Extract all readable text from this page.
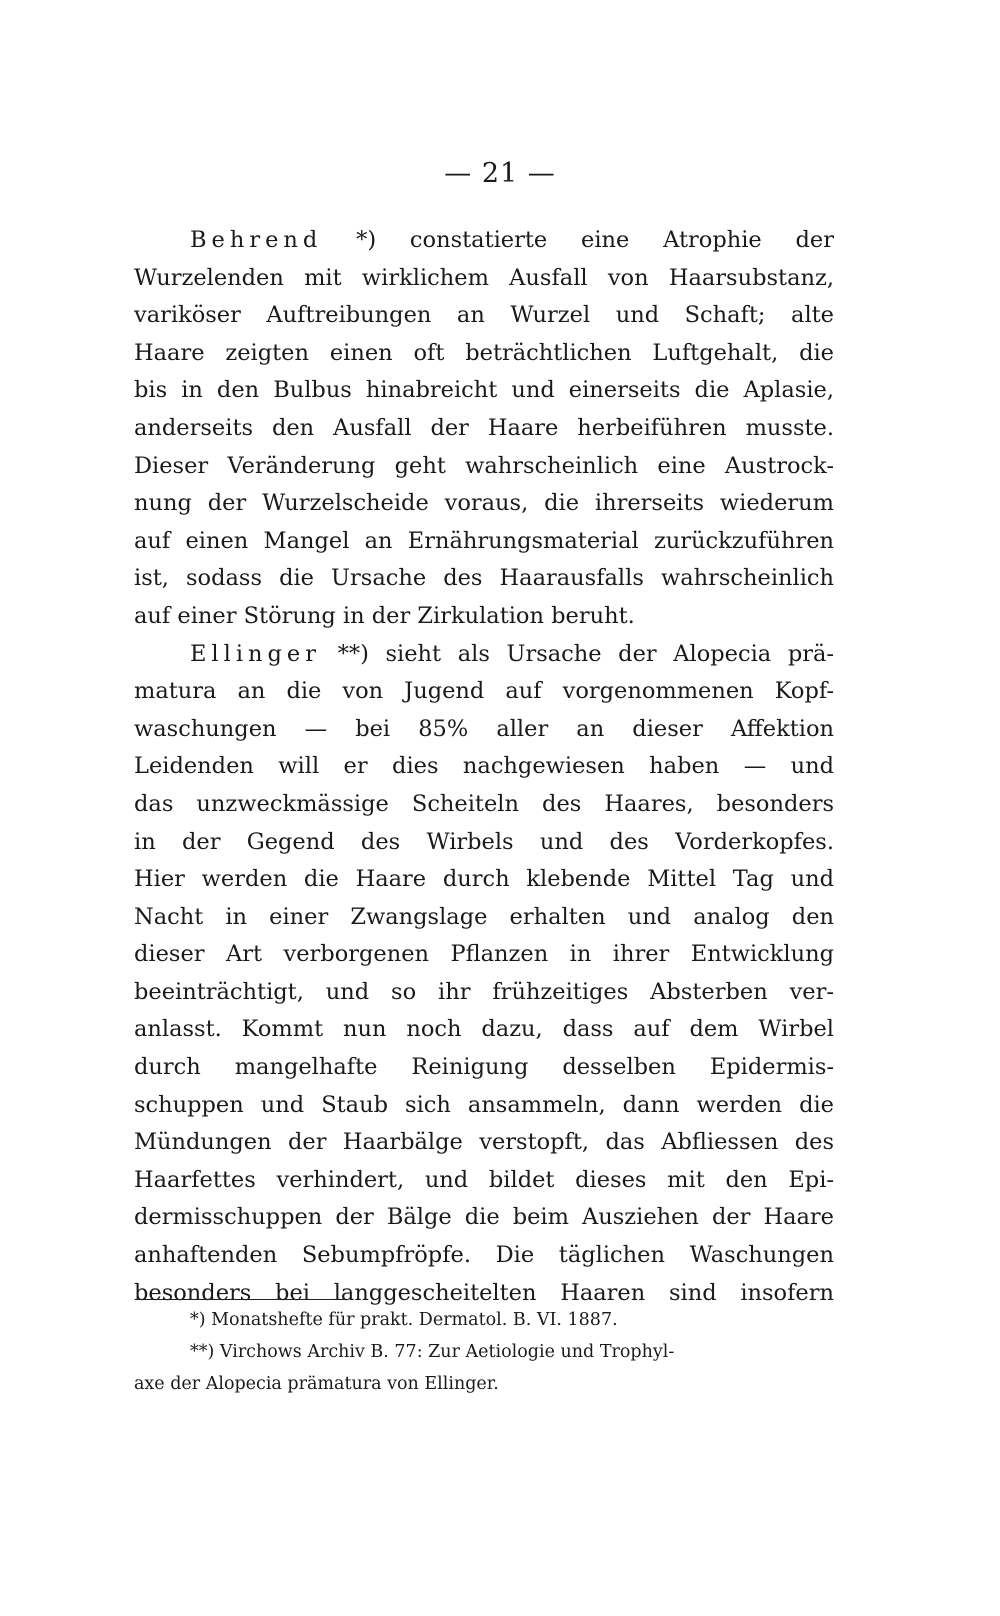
— 21 —
Behrend *) constatierte eine Atrophie der
Wurzelenden mit wirklichem Ausfall von Haarsubstanz,
variköser Auftreibungen an Wurzel und Schaft; alte
Haare zeigten einen oft beträchtlichen Luftgehalt, die
bis in den Bulbus hinabreicht und einerseits die Aplasie,
anderseits den Ausfall der Haare herbeiführen musste.
Dieser Veränderung geht wahrscheinlich eine Austrock-
nung der Wurzelscheide voraus, die ihrerseits wiederum
auf einen Mangel an Ernährungsmaterial zurückzuführen
ist, sodass die Ursache des Haarausfalls wahrscheinlich
auf einer Störung in der Zirkulation beruht.
Ellinger **) sieht als Ursache der Alopecia prä-
matura an die von Jugend auf vorgenommenen Kopf-
waschungen — bei 85% aller an dieser Affektion
Leidenden will er dies nachgewiesen haben — und
das unzweckmässige Scheiteln des Haares, besonders
in der Gegend des Wirbels und des Vorderkopfes.
Hier werden die Haare durch klebende Mittel Tag und
Nacht in einer Zwangslage erhalten und analog den
dieser Art verborgenen Pflanzen in ihrer Entwicklung
beeinträchtigt, und so ihr frühzeitiges Absterben ver-
anlasst. Kommt nun noch dazu, dass auf dem Wirbel
durch mangelhafte Reinigung desselben Epidermis-
schuppen und Staub sich ansammeln, dann werden die
Mündungen der Haarbälge verstopft, das Abfliessen des
Haarfettes verhindert, und bildet dieses mit den Epi-
dermisschuppen der Bälge die beim Ausziehen der Haare
anhaftenden Sebumpfröpfe. Die täglichen Waschungen
besonders bei langgescheitelten Haaren sind insofern
*) Monatshefte für prakt. Dermatol. B. VI. 1887.
**) Virchows Archiv B. 77: Zur Aetiologie und Trophyl-
axe der Alopecia prämatura von Ellinger.
